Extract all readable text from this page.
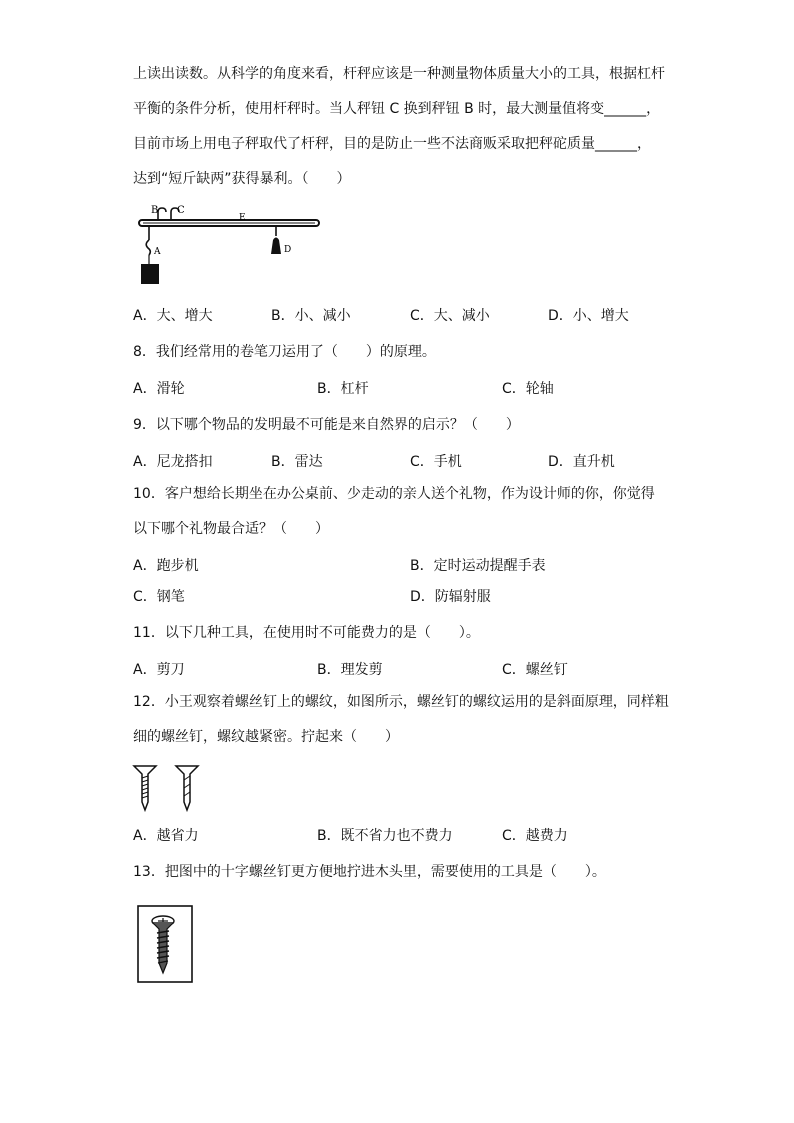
上读出读数。从科学的角度来看，杆秤应该是一种测量物体质量大小的工具，根据杠杆
平衡的条件分析，使用杆秤时。当人秤钮 C 换到秤钮 B 时，最大测量值将变______，
目前市场上用电子秤取代了杆秤，目的是防止一些不法商贩采取把秤砣质量______，
达到“短斤缺两”获得暴利。（　　）
B C
E
A	D
A．大、增大	B．小、减小	C．大、减小	D．小、增大
8．我们经常用的卷笔刀运用了（　　）的原理。
A．滑轮	B．杠杆	C．轮轴
9．以下哪个物品的发明最不可能是来自然界的启示？（　　）
A．尼龙搭扣	B．雷达	C．手机	D．直升机
10．客户想给长期坐在办公桌前、少走动的亲人送个礼物，作为设计师的你，你觉得
以下哪个礼物最合适？（　　）
A．跑步机	B．定时运动提醒手表
C．钢笔	D．防辐射服
11．以下几种工具，在使用时不可能费力的是（　　）。
A．剪刀	B．理发剪	C．螺丝钉
12．小王观察着螺丝钉上的螺纹，如图所示，螺丝钉的螺纹运用的是斜面原理，同样粗
细的螺丝钉，螺纹越紧密。拧起来（　　）
A．越省力	B．既不省力也不费力	C．越费力
13．把图中的十字螺丝钉更方便地拧进木头里，需要使用的工具是（　　）。
